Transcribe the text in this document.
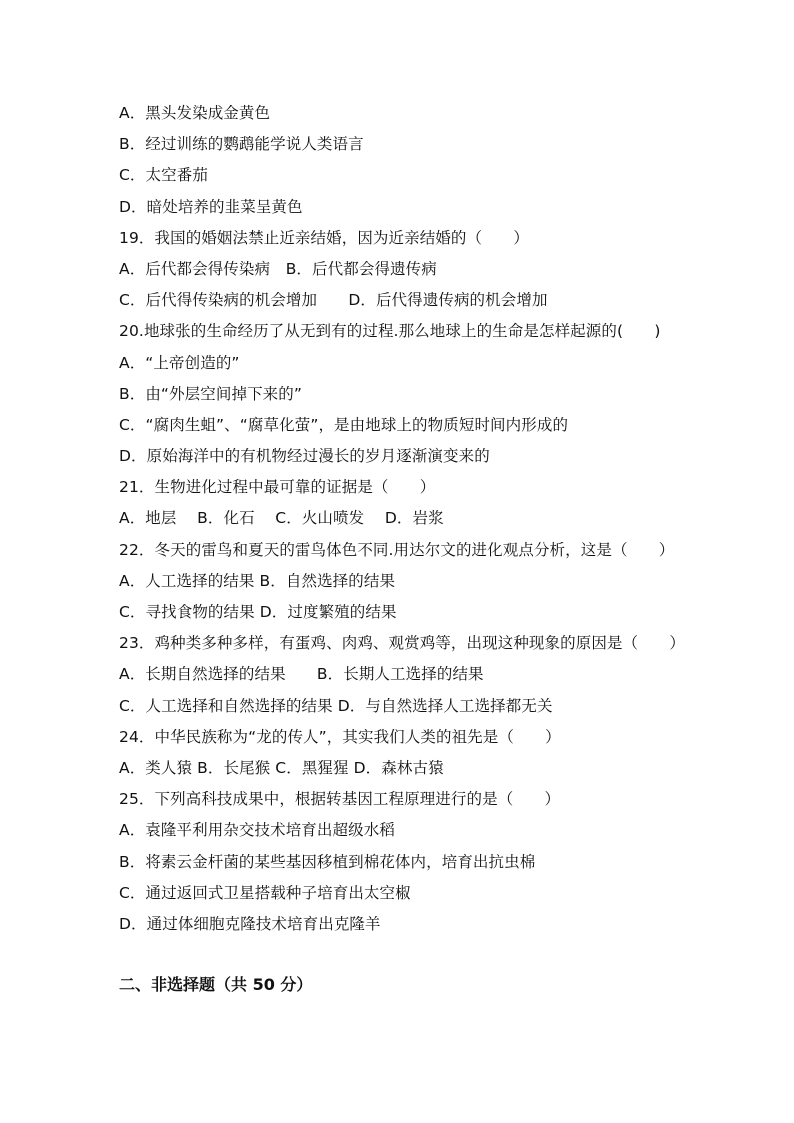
A．黑头发染成金黄色
B．经过训练的鹦鹉能学说人类语言
C．太空番茄
D．暗处培养的韭菜呈黄色
19．我国的婚姻法禁止近亲结婚，因为近亲结婚的（　　）
A．后代都会得传染病　B．后代都会得遗传病
C．后代得传染病的机会增加　　D．后代得遗传病的机会增加
20.地球张的生命经历了从无到有的过程.那么地球上的生命是怎样起源的(　　)
A．“上帝创造的”
B．由“外层空间掉下来的”
C．“腐肉生蛆”、“腐草化萤”，是由地球上的物质短时间内形成的
D．原始海洋中的有机物经过漫长的岁月逐渐演变来的
21．生物进化过程中最可靠的证据是（　　）
A．地层　 B．化石　 C．火山喷发　 D．岩浆
22．冬天的雷鸟和夏天的雷鸟体色不同.用达尔文的进化观点分析，这是（　　）
A．人工选择的结果 B．自然选择的结果
C．寻找食物的结果 D．过度繁殖的结果
23．鸡种类多种多样，有蛋鸡、肉鸡、观赏鸡等，出现这种现象的原因是（　　）
A．长期自然选择的结果　　B．长期人工选择的结果
C．人工选择和自然选择的结果 D．与自然选择人工选择都无关
24．中华民族称为“龙的传人”，其实我们人类的祖先是（　　）
A．类人猿 B．长尾猴 C．黑猩猩 D．森林古猿
25．下列高科技成果中，根据转基因工程原理进行的是（　　）
A．袁隆平利用杂交技术培育出超级水稻
B．将素云金杆菌的某些基因移植到棉花体内，培育出抗虫棉
C．通过返回式卫星搭载种子培育出太空椒
D．通过体细胞克隆技术培育出克隆羊
二、非选择题（共 50 分）
